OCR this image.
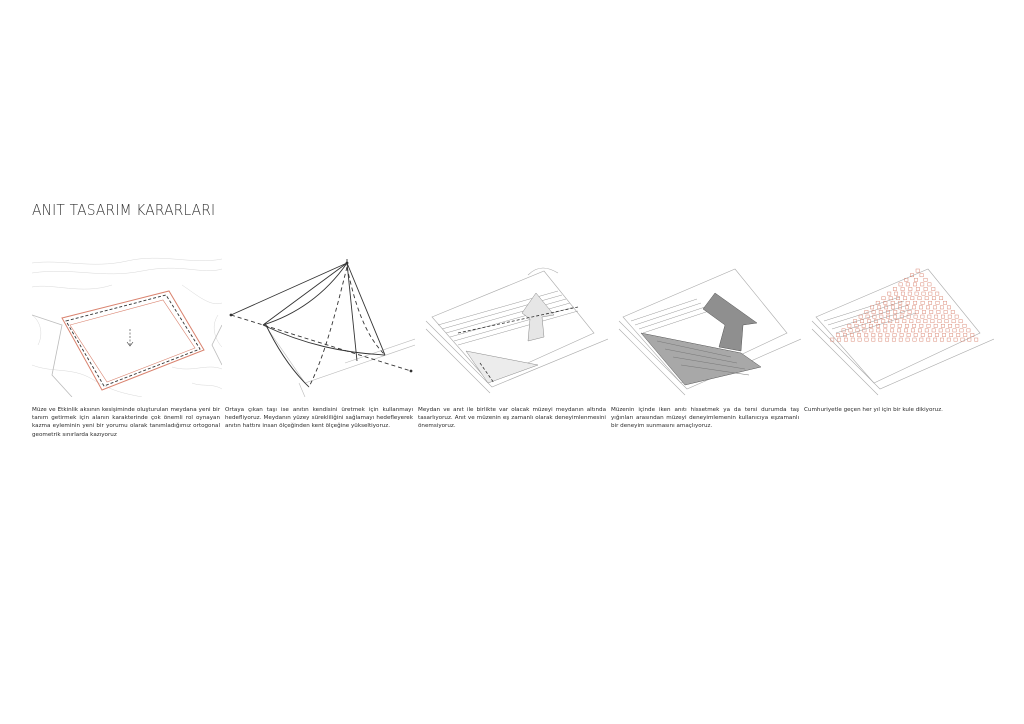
ANIT TASARIM KARARLARI
Müze ve Etkinlik aksının kesişiminde oluşturulan meydana yeni bir tanım getirmek için alanın karakterinde çok önemli rol oynayan kazma eyleminin yeni bir yorumu olarak tanımladığımız ortogonal geometrik sınırlarda kazıyoruz
Ortaya çıkan taşı ise anıtın kendisini üretmek için kullanmayı hedefliyoruz. Meydanın yüzey sürekliliğini sağlamayı hedefleyerek anıtın hattını insan ölçeğinden kent ölçeğine yükseltiyoruz.
Meydan ve anıt ile birlikte var olacak müzeyi meydanın altında tasarlıyoruz. Anıt ve müzenin eş zamanlı olarak deneyimlenmesini önemsiyoruz.
Müzenin içinde iken anıtı hissetmek ya da tersi durumda taş yığınları arasından müzeyi deneyimlemenin kullanıcıya eşzamanlı bir deneyim sunmasını amaçlıyoruz.
Cumhuriyetle geçen her yıl için bir kule dikiyoruz.
